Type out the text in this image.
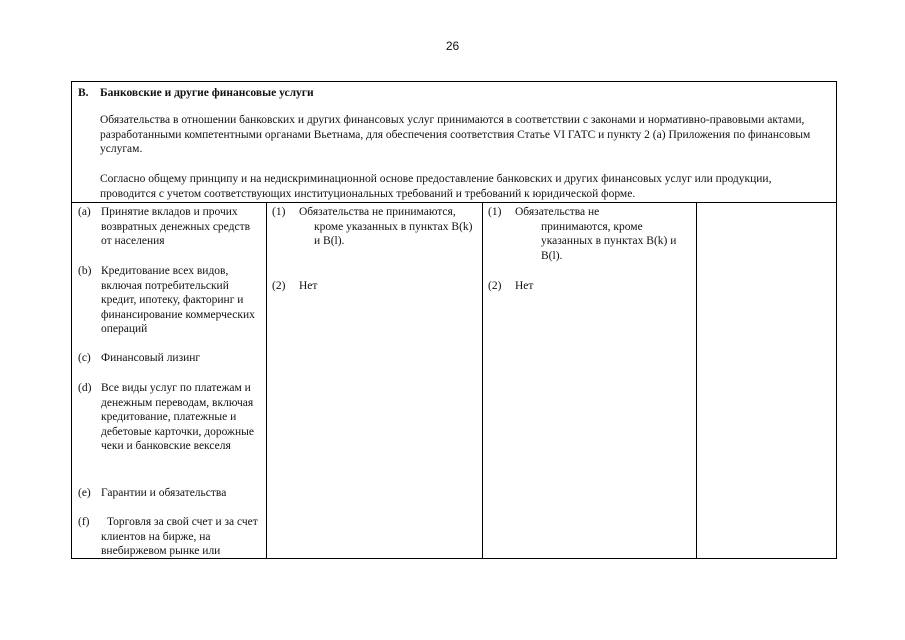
26
B. Банковские и другие финансовые услуги

Обязательства в отношении банковских и других финансовых услуг принимаются в соответствии с законами и нормативно-правовыми актами, разработанными компетентными органами Вьетнама, для обеспечения соответствия Статье VI ГАТС и пункту 2 (а) Приложения по финансовым услугам.

Согласно общему принципу и на недискриминационной основе предоставление банковских и других финансовых услуг или продукции, проводится с учетом соответствующих институциональных требований и требований к юридической форме.

(a) Принятие вкладов и прочих возвратных денежных средств от населения
(b) Кредитование всех видов, включая потребительский кредит, ипотеку, факторинг и финансирование коммерческих операций
(c) Финансовый лизинг
(d) Все виды услуг по платежам и денежным переводам, включая кредитование, платежные и дебетовые карточки, дорожные чеки и банковские векселя
(e) Гарантии и обязательства
(f)	Торговля за свой счет и за счет клиентов на бирже, на внебиржевом рынке или
(1) Обязательства не принимаются,
кроме указанных в пунктах B(k) и B(l).
(2) Нет
(1) Обязательства не
принимаются, кроме указанных в пунктах B(k) и B(l).
(2) Нет
